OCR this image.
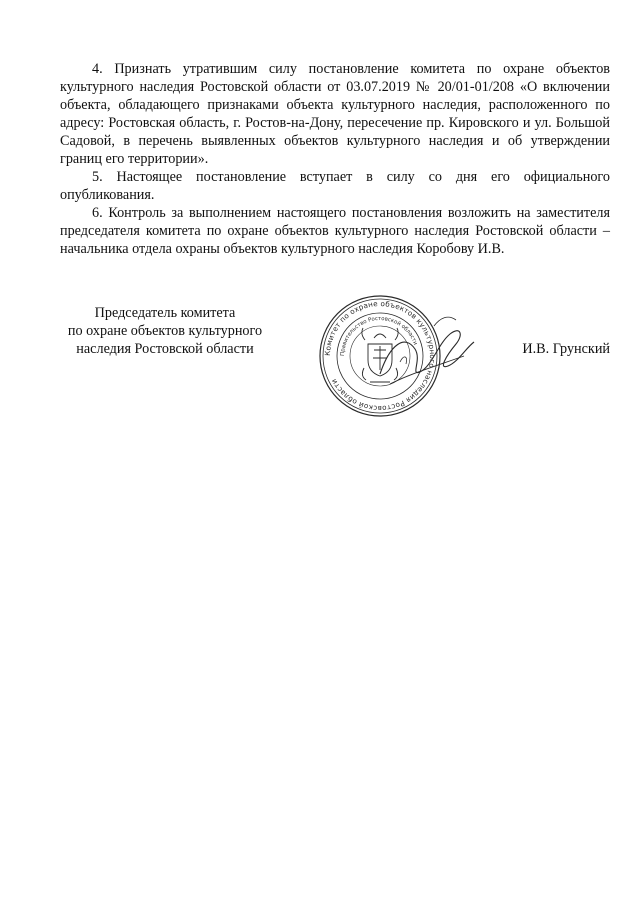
4. Признать утратившим силу постановление комитета по охране объектов культурного наследия Ростовской области от 03.07.2019 № 20/01-01/208 «О включении объекта, обладающего признаками объекта культурного наследия, расположенного по адресу: Ростовская область, г. Ростов-на-Дону, пересечение пр. Кировского и ул. Большой Садовой, в перечень выявленных объектов культурного наследия и об утверждении границ его территории».

5. Настоящее постановление вступает в силу со дня его официального опубликования.

6. Контроль за выполнением настоящего постановления возложить на заместителя председателя комитета по охране объектов культурного наследия Ростовской области – начальника отдела охраны объектов культурного наследия Коробову И.В.

Председатель комитета
по охране объектов культурного
наследия Ростовской области	Комитет по охране объектов культурного наследия Ростовской области
Правительство Ростовской области	И.В. Грунский
